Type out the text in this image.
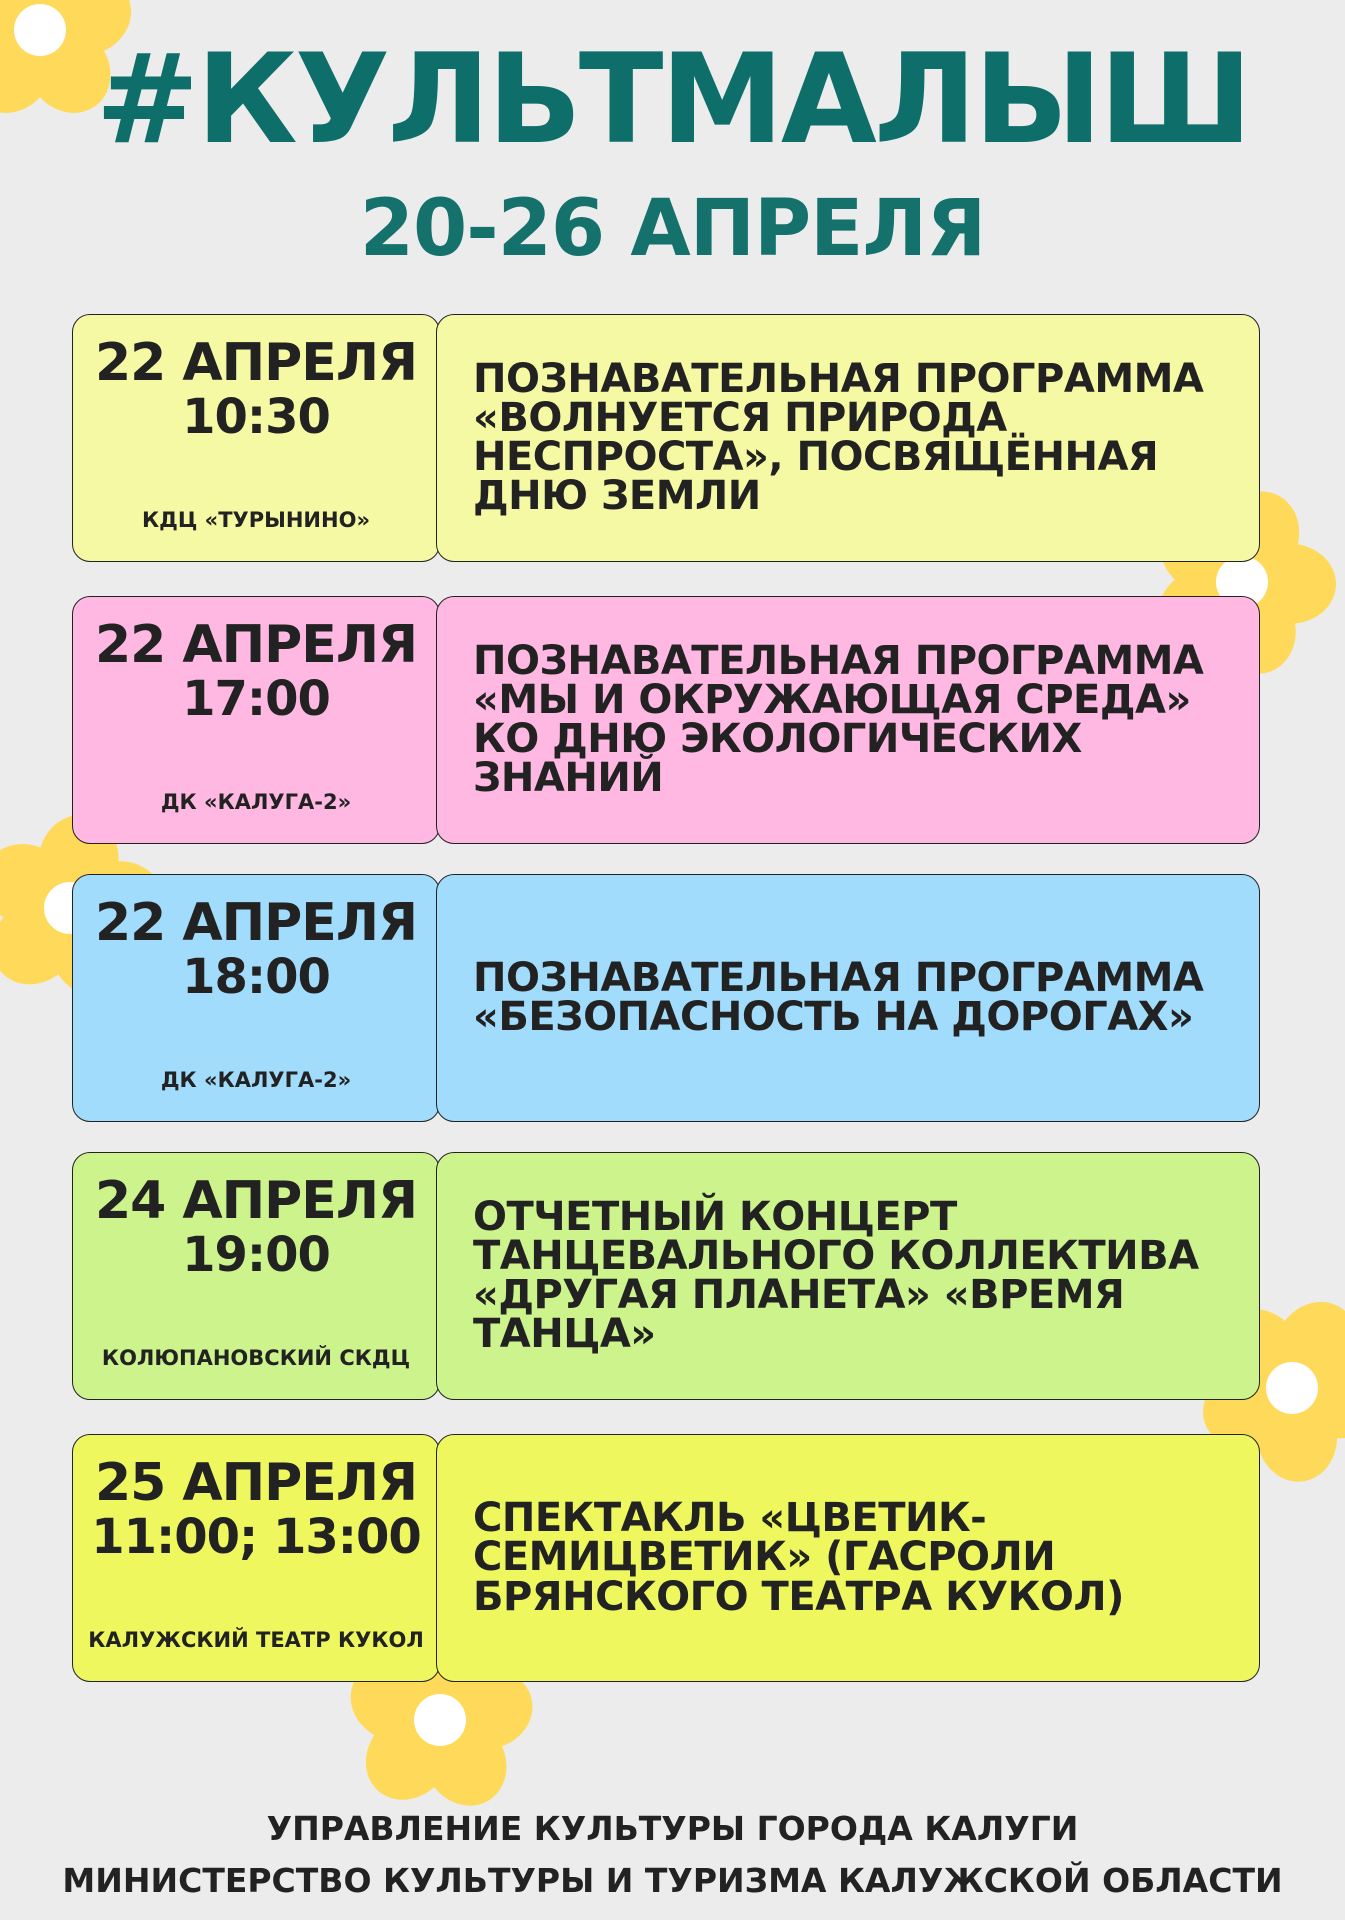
#КУЛЬТМАЛЫШ
20-26 АПРЕЛЯ
22 АПРЕЛЯ
10:30
КДЦ «ТУРЫНИНО»
ПОЗНАВАТЕЛЬНАЯ ПРОГРАММА «ВОЛНУЕТСЯ ПРИРОДА НЕСПРОСТА», ПОСВЯЩЁННАЯ ДНЮ ЗЕМЛИ
22 АПРЕЛЯ
17:00
ДК «КАЛУГА-2»
ПОЗНАВАТЕЛЬНАЯ ПРОГРАММА «МЫ И ОКРУЖАЮЩАЯ СРЕДА» КО ДНЮ ЭКОЛОГИЧЕСКИХ ЗНАНИЙ
22 АПРЕЛЯ
18:00
ДК «КАЛУГА-2»
ПОЗНАВАТЕЛЬНАЯ ПРОГРАММА «БЕЗОПАСНОСТЬ НА ДОРОГАХ»
24 АПРЕЛЯ
19:00
КОЛЮПАНОВСКИЙ СКДЦ
ОТЧЕТНЫЙ КОНЦЕРТ ТАНЦЕВАЛЬНОГО КОЛЛЕКТИВА «ДРУГАЯ ПЛАНЕТА» «ВРЕМЯ ТАНЦА»
25 АПРЕЛЯ
11:00; 13:00
КАЛУЖСКИЙ ТЕАТР КУКОЛ
СПЕКТАКЛЬ «ЦВЕТИК-СЕМИЦВЕТИК» (ГАСРОЛИ БРЯНСКОГО ТЕАТРА КУКОЛ)
УПРАВЛЕНИЕ КУЛЬТУРЫ ГОРОДА КАЛУГИ
МИНИСТЕРСТВО КУЛЬТУРЫ И ТУРИЗМА КАЛУЖСКОЙ ОБЛАСТИ
